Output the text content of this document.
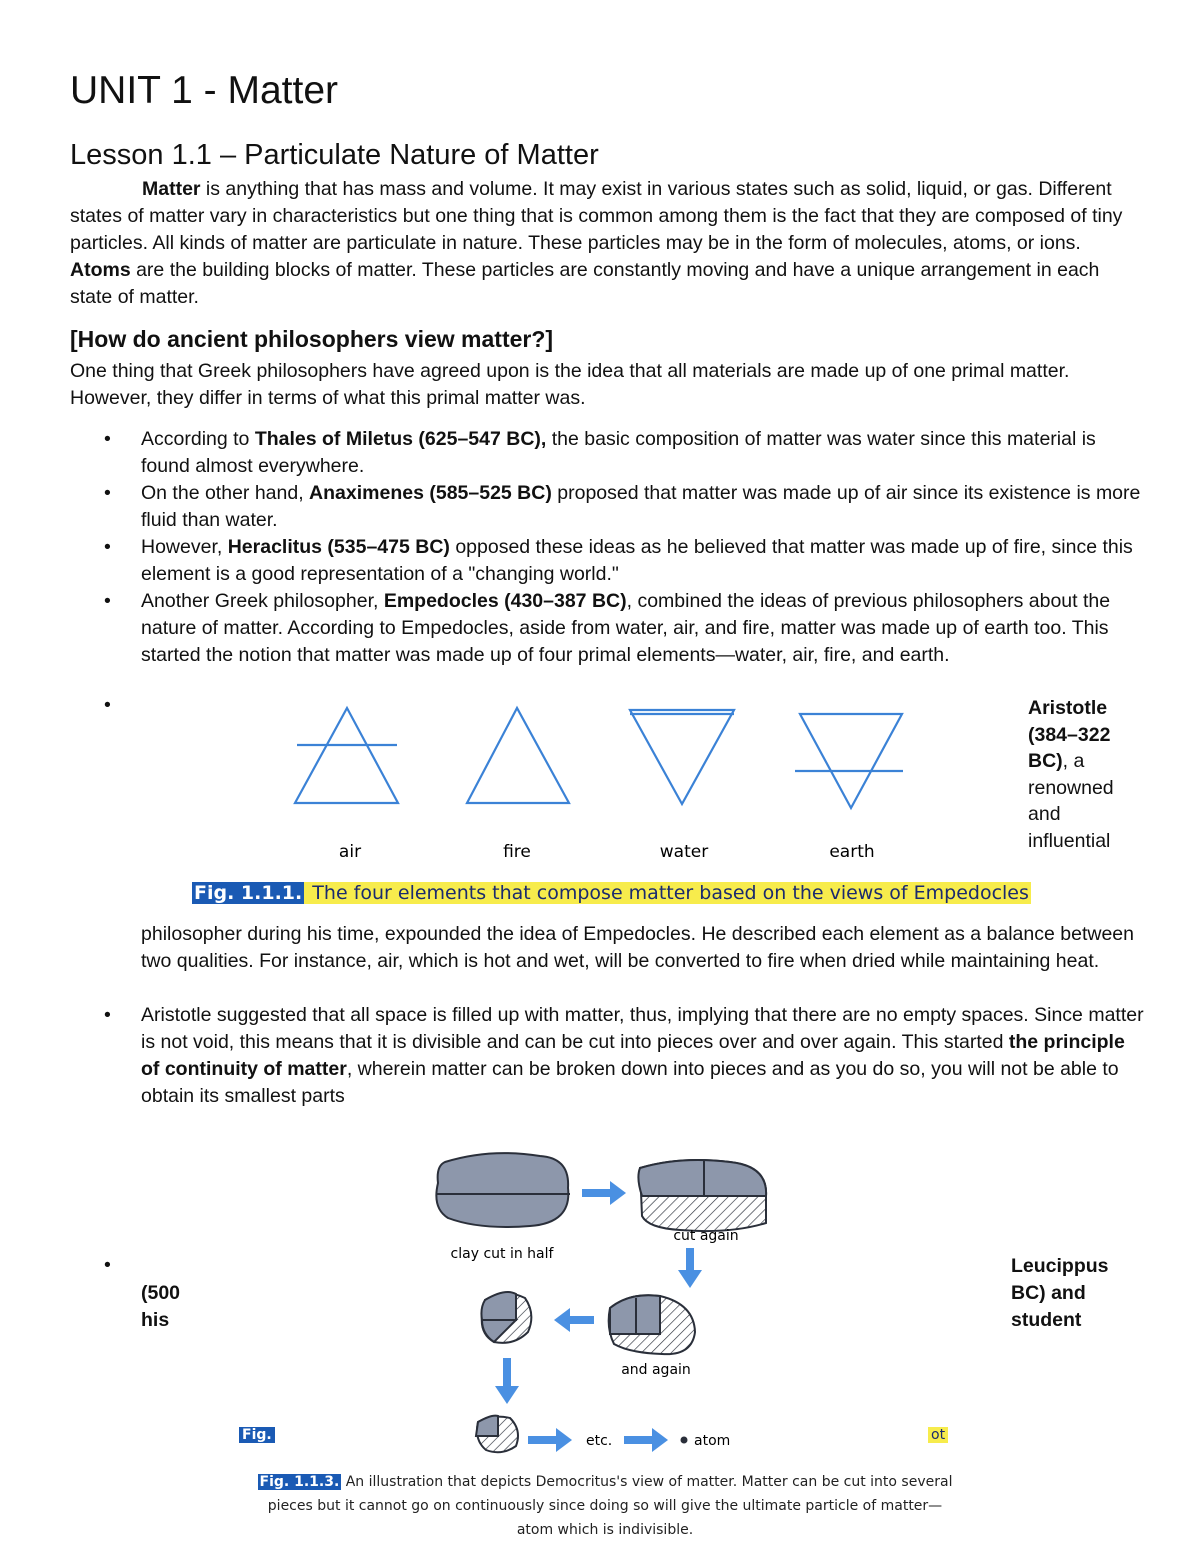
UNIT 1 - Matter
Lesson 1.1 – Particulate Nature of Matter

Matter is anything that has mass and volume. It may exist in various states such as solid, liquid, or gas. Different states of matter vary in characteristics but one thing that is common among them is the fact that they are composed of tiny particles. All kinds of matter are particulate in nature. These particles may be in the form of molecules, atoms, or ions. Atoms are the building blocks of matter. These particles are constantly moving and have a unique arrangement in each state of matter.

[How do ancient philosophers view matter?]

One thing that Greek philosophers have agreed upon is the idea that all materials are made up of one primal matter. However, they differ in terms of what this primal matter was.

• According to Thales of Miletus (625–547 BC), the basic composition of matter was water since this material is found almost everywhere.
• On the other hand, Anaximenes (585–525 BC) proposed that matter was made up of air since its existence is more fluid than water.
• However, Heraclitus (535–475 BC) opposed these ideas as he believed that matter was made up of fire, since this element is a good representation of a "changing world."
• Another Greek philosopher, Empedocles (430–387 BC), combined the ideas of previous philosophers about the nature of matter. According to Empedocles, aside from water, air, and fire, matter was made up of earth too. This started the notion that matter was made up of four primal elements—water, air, fire, and earth.
•	Aristotle (384–322 BC), a renowned and influential
air	fire	water	earth
Fig. 1.1.1. The four elements that compose matter based on the views of Empedocles

philosopher during his time, expounded the idea of Empedocles. He described each element as a balance between two qualities. For instance, air, which is hot and wet, will be converted to fire when dried while maintaining heat.

• Aristotle suggested that all space is filled up with matter, thus, implying that there are no empty spaces. Since matter is not void, this means that it is divisible and can be cut into pieces over and over again. This started the principle of continuity of matter, wherein matter can be broken down into pieces and as you do so, you will not be able to obtain its smallest parts
•	Leucippus
BC) and
student
(500
his
Fig.	ot
clay cut in half
cut again
and again
etc.	atom
Fig. 1.1.3. An illustration that depicts Democritus's view of matter. Matter can be cut into several pieces but it cannot go on continuously since doing so will give the ultimate particle of matter—atom which is indivisible.
